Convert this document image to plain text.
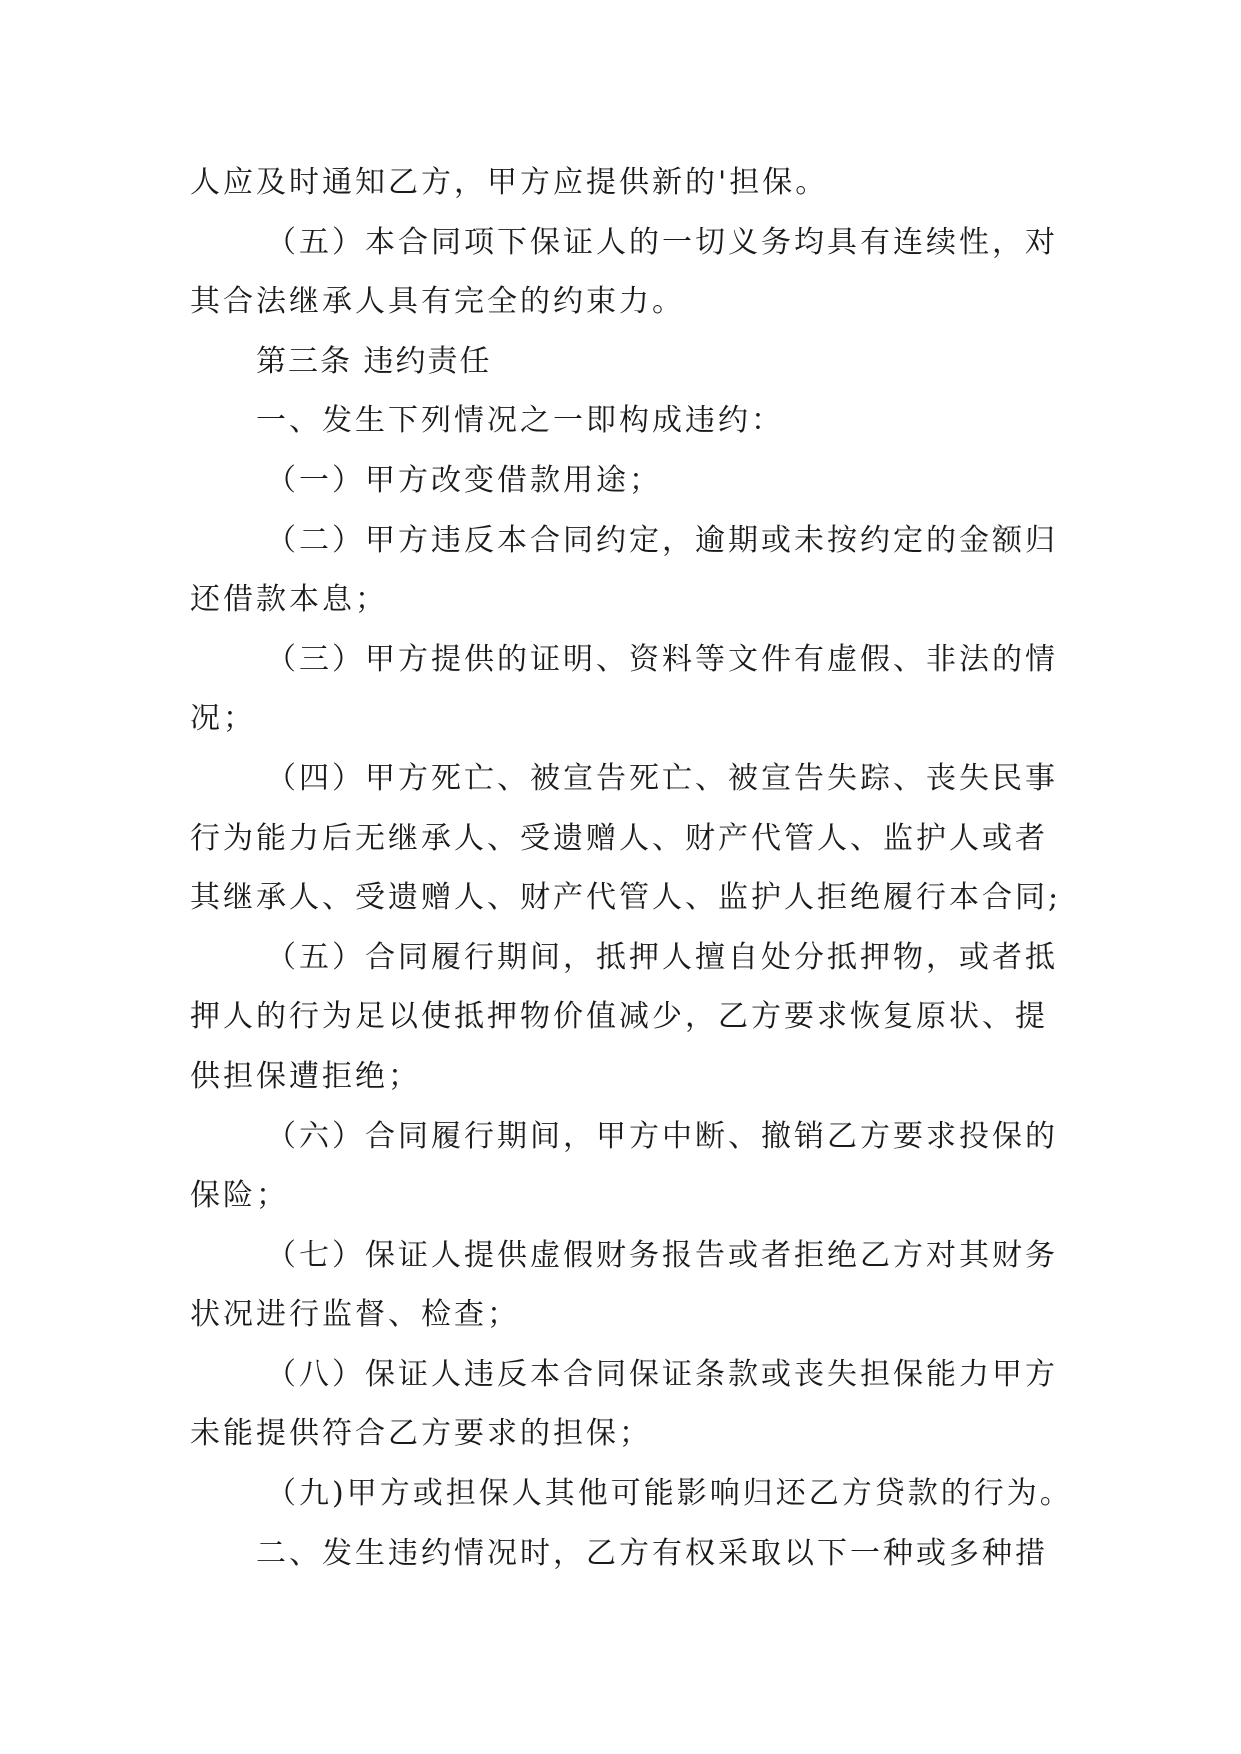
人应及时通知乙方，甲方应提供新的'担保。
（五）本合同项下保证人的一切义务均具有连续性，对
其合法继承人具有完全的约束力。
第三条 违约责任
一、发生下列情况之一即构成违约：
（一）甲方改变借款用途；
（二）甲方违反本合同约定，逾期或未按约定的金额归
还借款本息；
（三）甲方提供的证明、资料等文件有虚假、非法的情
况；
（四）甲方死亡、被宣告死亡、被宣告失踪、丧失民事
行为能力后无继承人、受遗赠人、财产代管人、监护人或者
其继承人、受遗赠人、财产代管人、监护人拒绝履行本合同;
（五）合同履行期间，抵押人擅自处分抵押物，或者抵
押人的行为足以使抵押物价值减少，乙方要求恢复原状、提
供担保遭拒绝；
（六）合同履行期间，甲方中断、撤销乙方要求投保的
保险；
（七）保证人提供虚假财务报告或者拒绝乙方对其财务
状况进行监督、检查；
（八）保证人违反本合同保证条款或丧失担保能力甲方
未能提供符合乙方要求的担保；
（九)甲方或担保人其他可能影响归还乙方贷款的行为。
二、发生违约情况时，乙方有权采取以下一种或多种措
